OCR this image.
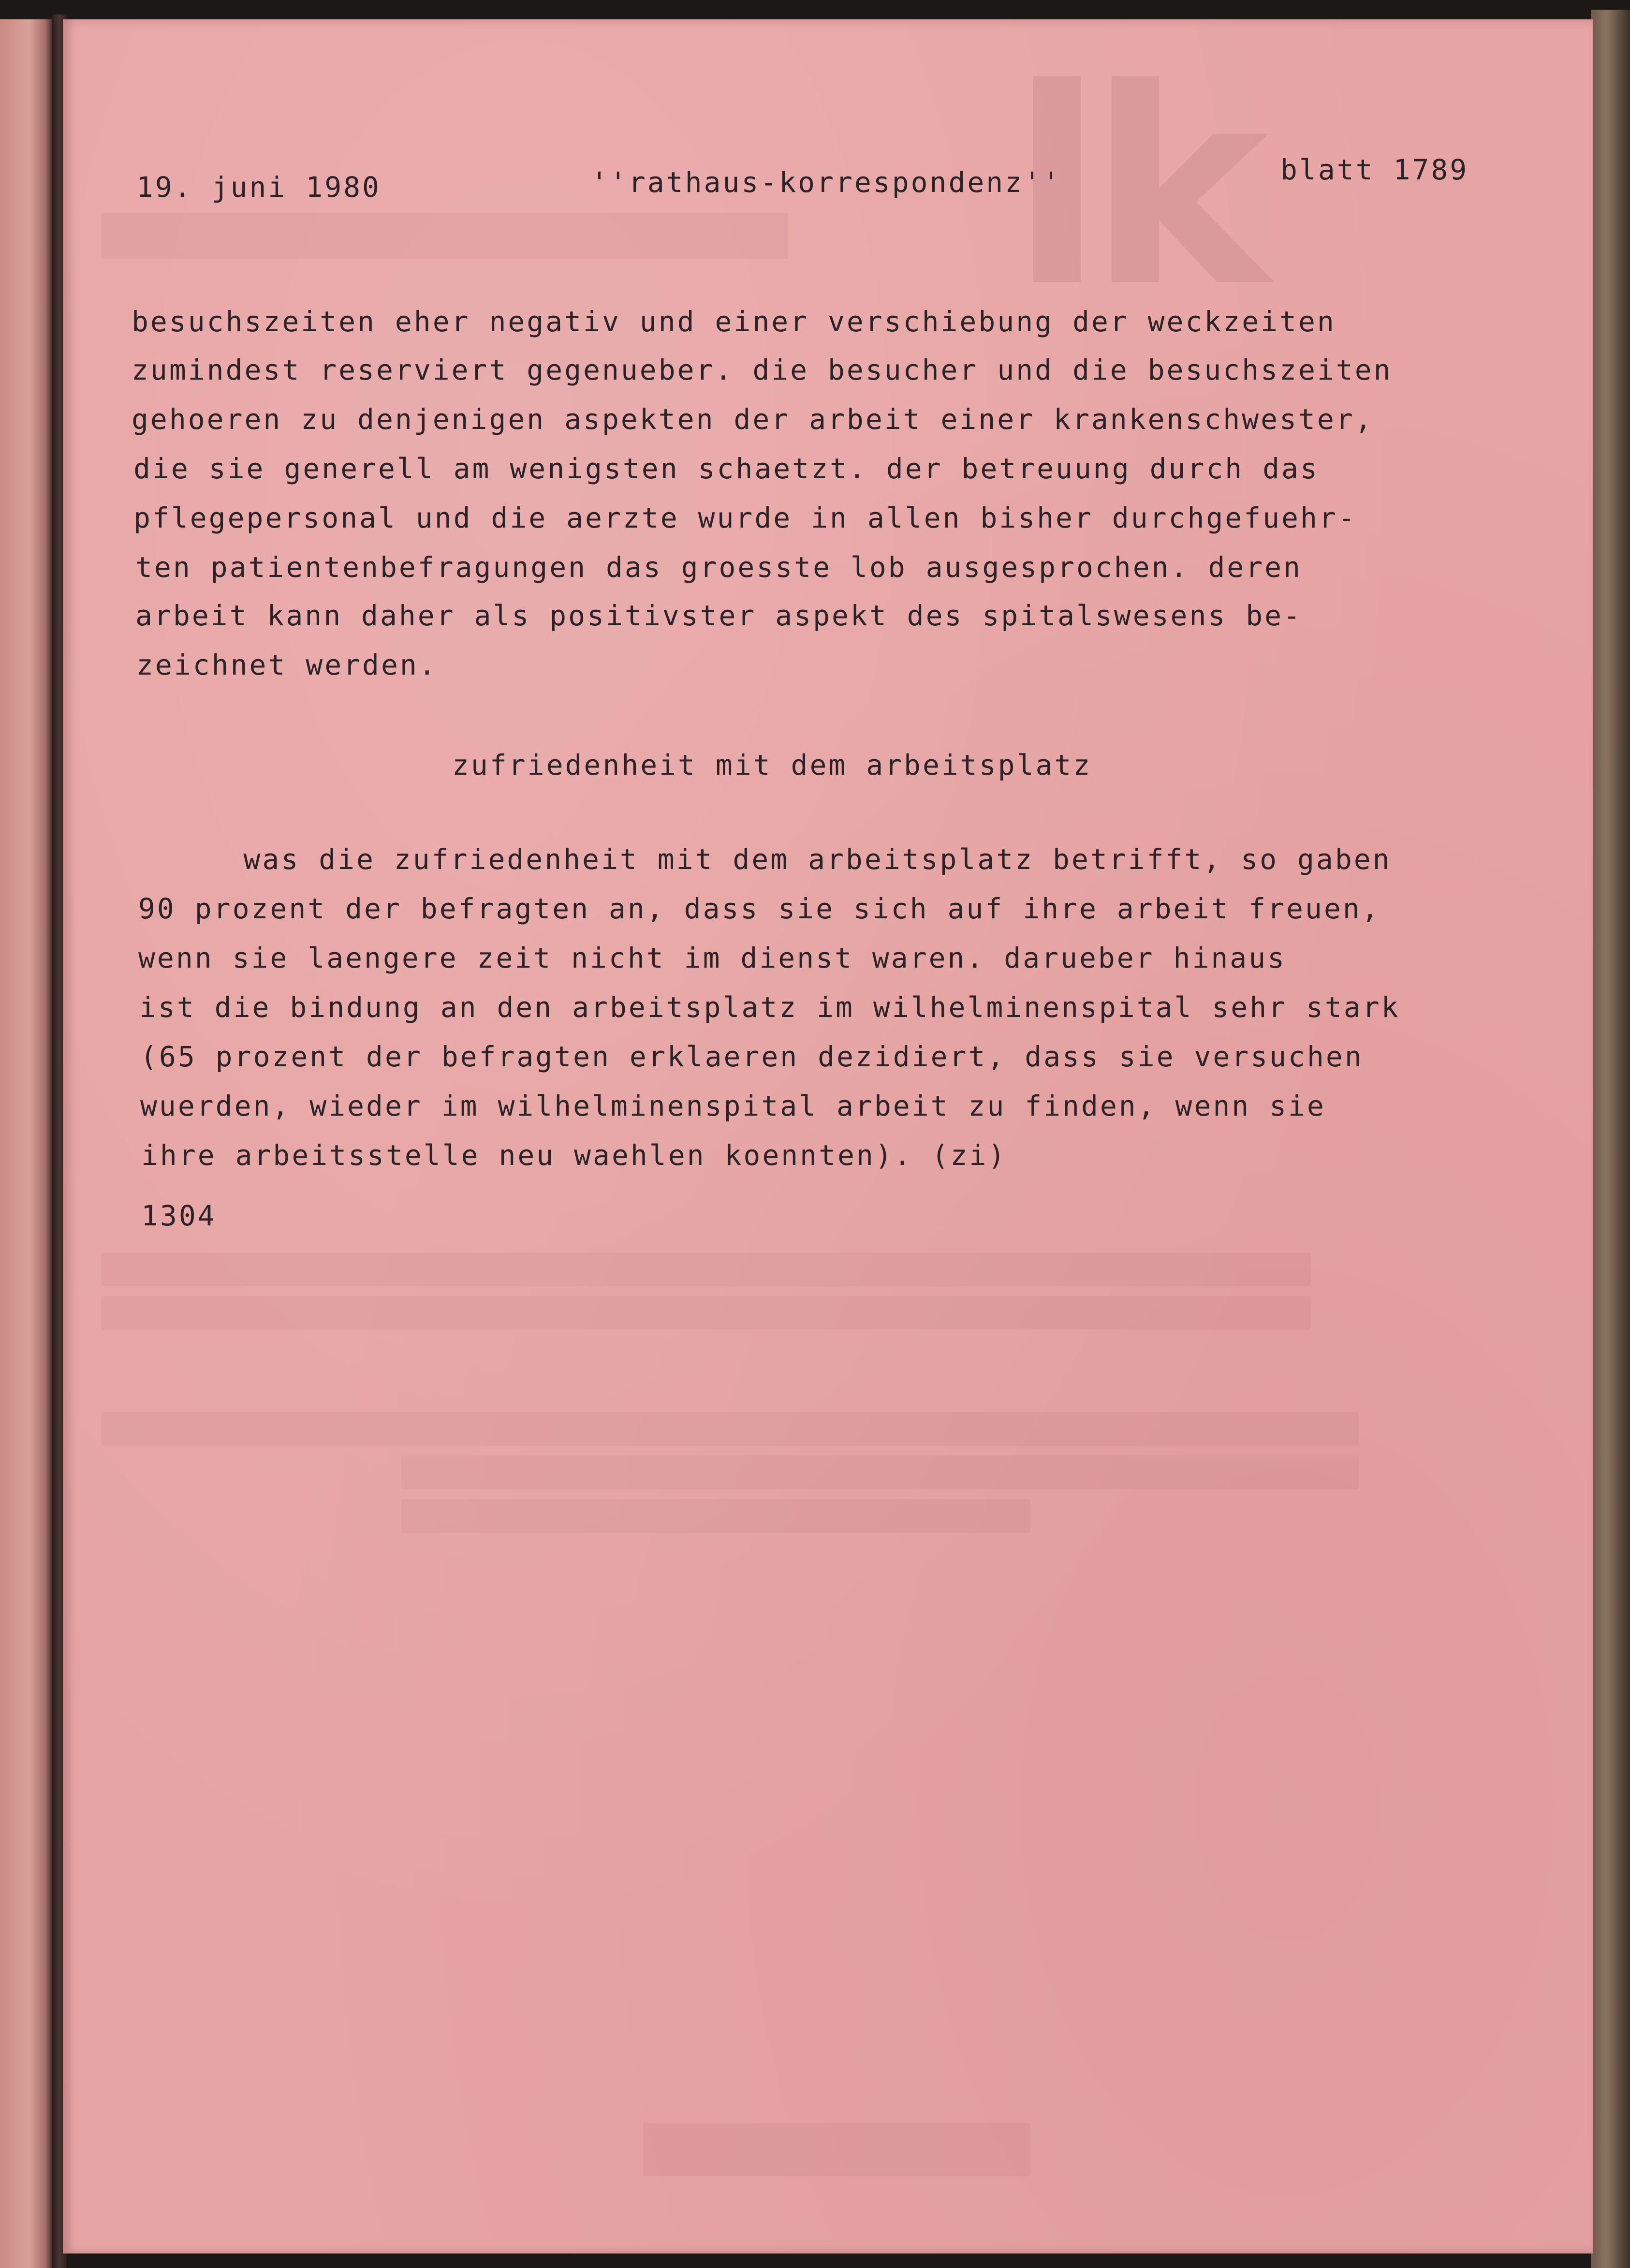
lk
19. juni 1980	''rathaus-korrespondenz''	blatt 1789
besuchszeiten eher negativ und einer verschiebung der weckzeiten
zumindest reserviert gegenueber. die besucher und die besuchszeiten
gehoeren zu denjenigen aspekten der arbeit einer krankenschwester,
die sie generell am wenigsten schaetzt. der betreuung durch das
pflegepersonal und die aerzte wurde in allen bisher durchgefuehr-
ten patientenbefragungen das groesste lob ausgesprochen. deren
arbeit kann daher als positivster aspekt des spitalswesens be-
zeichnet werden.
zufriedenheit mit dem arbeitsplatz
was die zufriedenheit mit dem arbeitsplatz betrifft, so gaben
90 prozent der befragten an, dass sie sich auf ihre arbeit freuen,
wenn sie laengere zeit nicht im dienst waren. darueber hinaus
ist die bindung an den arbeitsplatz im wilhelminenspital sehr stark
(65 prozent der befragten erklaeren dezidiert, dass sie versuchen
wuerden, wieder im wilhelminenspital arbeit zu finden, wenn sie
ihre arbeitsstelle neu waehlen koennten). (zi)
1304
